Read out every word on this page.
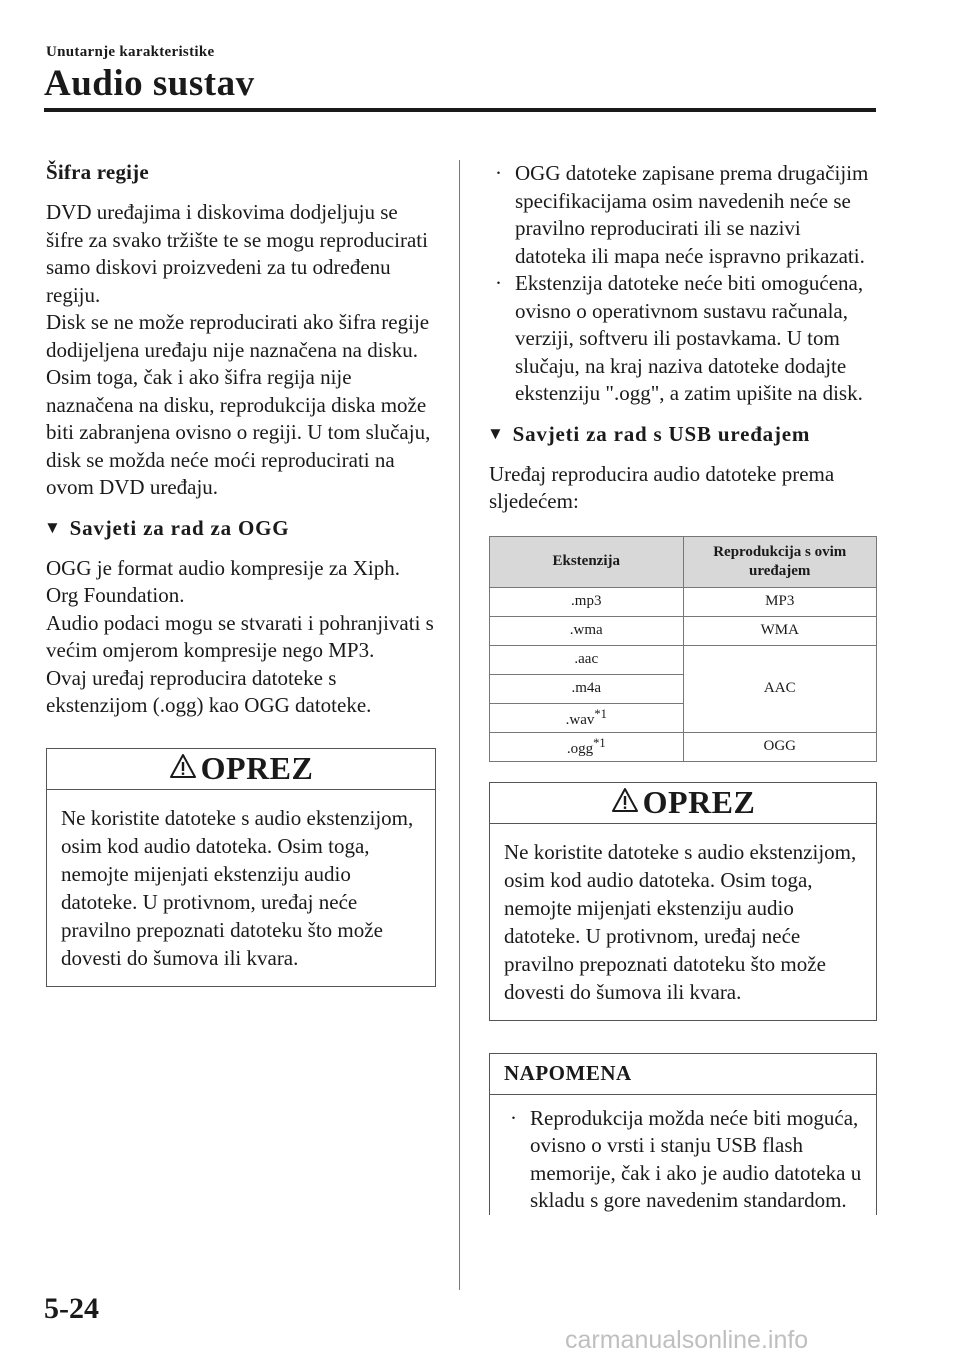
Unutarnje karakteristike
Audio sustav
Šifra regije

DVD uređajima i diskovima dodjeljuju se šifre za svako tržište te se mogu reproducirati samo diskovi proizvedeni za tu određenu regiju.

Disk se ne može reproducirati ako šifra regije dodijeljena uređaju nije naznačena na disku.

Osim toga, čak i ako šifra regija nije naznačena na disku, reprodukcija diska može biti zabranjena ovisno o regiji. U tom slučaju, disk se možda neće moći reproducirati na ovom DVD uređaju.

▼ Savjeti za rad za OGG

OGG je format audio kompresije za Xiph. Org Foundation.

Audio podaci mogu se stvarati i pohranjivati s većim omjerom kompresije nego MP3.

Ovaj uređaj reproducira datoteke s ekstenzijom (.ogg) kao OGG datoteke.

OPREZ
Ne koristite datoteke s audio ekstenzijom, osim kod audio datoteka. Osim toga, nemojte mijenjati ekstenziju audio datoteke. U protivnom, uređaj neće pravilno prepoznati datoteku što može dovesti do šumova ili kvara.
· OGG datoteke zapisane prema drugačijim specifikacijama osim navedenih neće se pravilno reproducirati ili se nazivi datoteka ili mapa neće ispravno prikazati.
· Ekstenzija datoteke neće biti omogućena, ovisno o operativnom sustavu računala, verziji, softveru ili postavkama. U tom slučaju, na kraj naziva datoteke dodajte ekstenziju ".ogg", a zatim upišite na disk.
▼ Savjeti za rad s USB uređajem

Uređaj reproducira audio datoteke prema sljedećem:

Ekstenzija	Reprodukcija s ovim uređajem
.mp3	MP3
.wma	WMA
.aac	AAC
.m4a	
.wav$^{*1}$
.ogg$^{*1}$	OGG
OPREZ
Ne koristite datoteke s audio ekstenzijom, osim kod audio datoteka. Osim toga, nemojte mijenjati ekstenziju audio datoteke. U protivnom, uređaj neće pravilno prepoznati datoteku što može dovesti do šumova ili kvara.
NAPOMENA
· Reprodukcija možda neće biti moguća, ovisno o vrsti i stanju USB flash memorije, čak i ako je audio datoteka u skladu s gore navedenim standardom.
5-24
carmanualsonline.info
